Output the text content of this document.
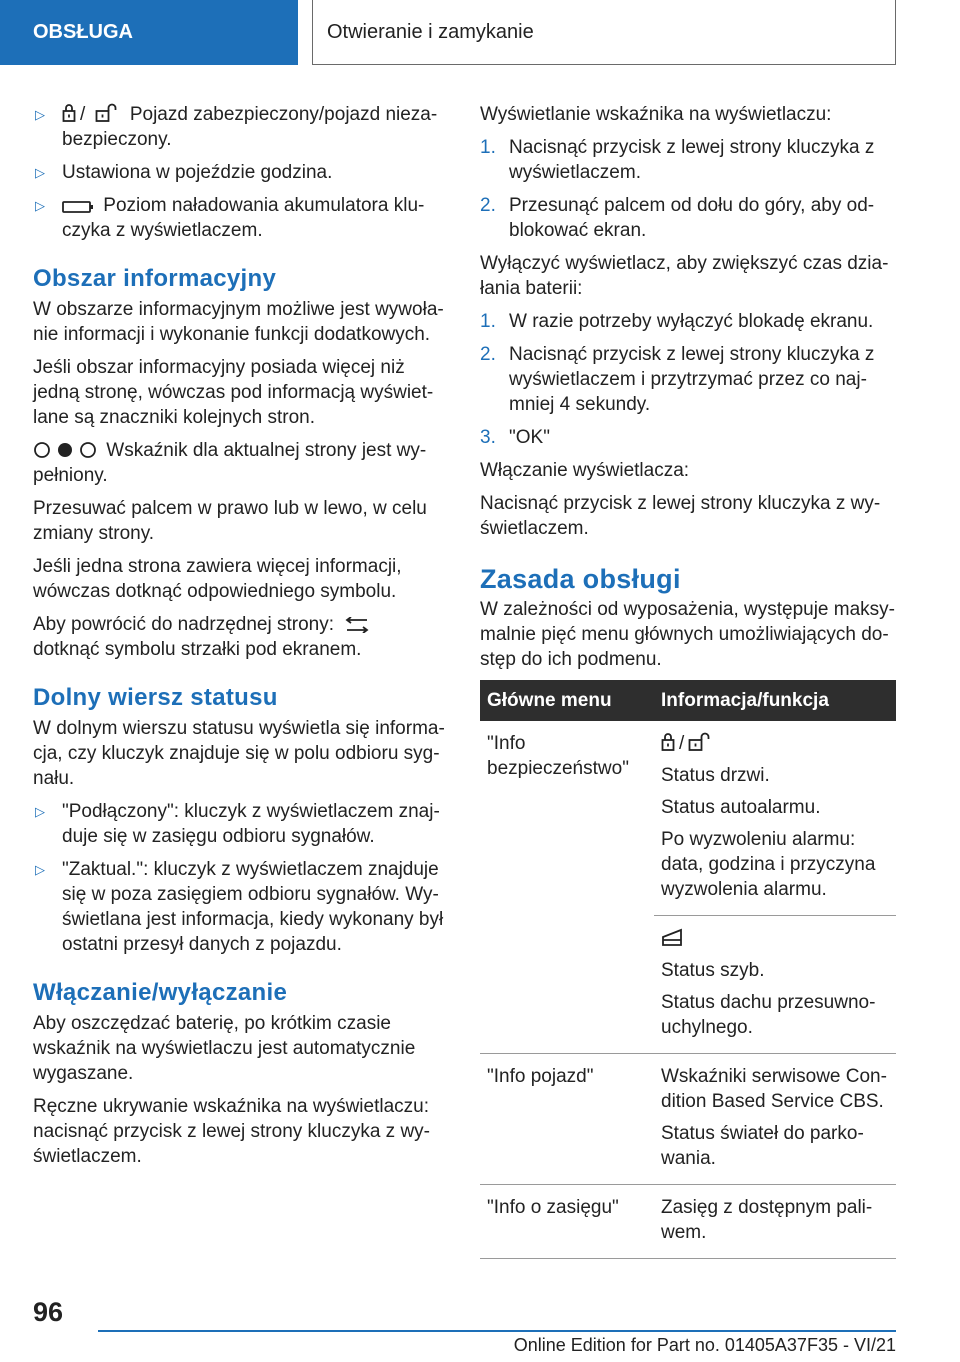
OBSŁUGA	Otwieranie i zamykanie
▷ / Pojazd zabezpieczony/pojazd nieza-bezpieczony.
▷ Ustawiona w pojeździe godzina.
▷	Poziom naładowania akumulatora klu-czyka z wyświetlaczem.
Obszar informacyjny

W obszarze informacyjnym możliwe jest wywoła-nie informacji i wykonanie funkcji dodatkowych.

Jeśli obszar informacyjny posiada więcej niż jedną stronę, wówczas pod informacją wyświet-lane są znaczniki kolejnych stron.

Wskaźnik dla aktualnej strony jest wy-pełniony.

Przesuwać palcem w prawo lub w lewo, w celu zmiany strony.

Jeśli jedna strona zawiera więcej informacji, wówczas dotknąć odpowiedniego symbolu.

Aby powrócić do nadrzędnej strony:  dotknąć symbolu strzałki pod ekranem.

Dolny wiersz statusu

W dolnym wierszu statusu wyświetla się informa-cja, czy kluczyk znajduje się w polu odbioru syg-nału.

▷ "Podłączony": kluczyk z wyświetlaczem znaj-duje się w zasięgu odbioru sygnałów.
▷ "Zaktual.": kluczyk z wyświetlaczem znajduje się w poza zasięgiem odbioru sygnałów. Wy-świetlana jest informacja, kiedy wykonany był ostatni przesył danych z pojazdu.
Włączanie/wyłączanie

Aby oszczędzać baterię, po krótkim czasie wskaźnik na wyświetlaczu jest automatycznie wygaszane.

Ręczne ukrywanie wskaźnika na wyświetlaczu: nacisnąć przycisk z lewej strony kluczyka z wy-świetlaczem.

Wyświetlanie wskaźnika na wyświetlaczu:

1. Nacisnąć przycisk z lewej strony kluczyka z wyświetlaczem.
2. Przesunąć palcem od dołu do góry, aby od-blokować ekran.

Wyłączyć wyświetlacz, aby zwiększyć czas dzia-łania baterii:

1. W razie potrzeby wyłączyć blokadę ekranu.
2. Nacisnąć przycisk z lewej strony kluczyka z wyświetlaczem i przytrzymać przez co naj-mniej 4 sekundy.
3. "OK"

Włączanie wyświetlacza:

Nacisnąć przycisk z lewej strony kluczyka z wy-świetlaczem.

Zasada obsługi

W zależności od wyposażenia, występuje maksy-malnie pięć menu głównych umożliwiających do-stęp do ich podmenu.

Główne menu	Informacja/funkcja
"Info bezpieczeństwo"	/

Status drzwi.

Status autoalarmu.

Po wyzwoleniu alarmu: data, godzina i przyczyna wyzwolenia alarmu.

	Status szyb.

Status dachu przesuwno-uchylnego.

"Info pojazd"	Wskaźniki serwisowe Con-dition Based Service CBS.

Status świateł do parko-wania.

"Info o zasięgu"	Zasięg z dostępnym pali-wem.

96
Online Edition for Part no. 01405A37F35 - VI/21
